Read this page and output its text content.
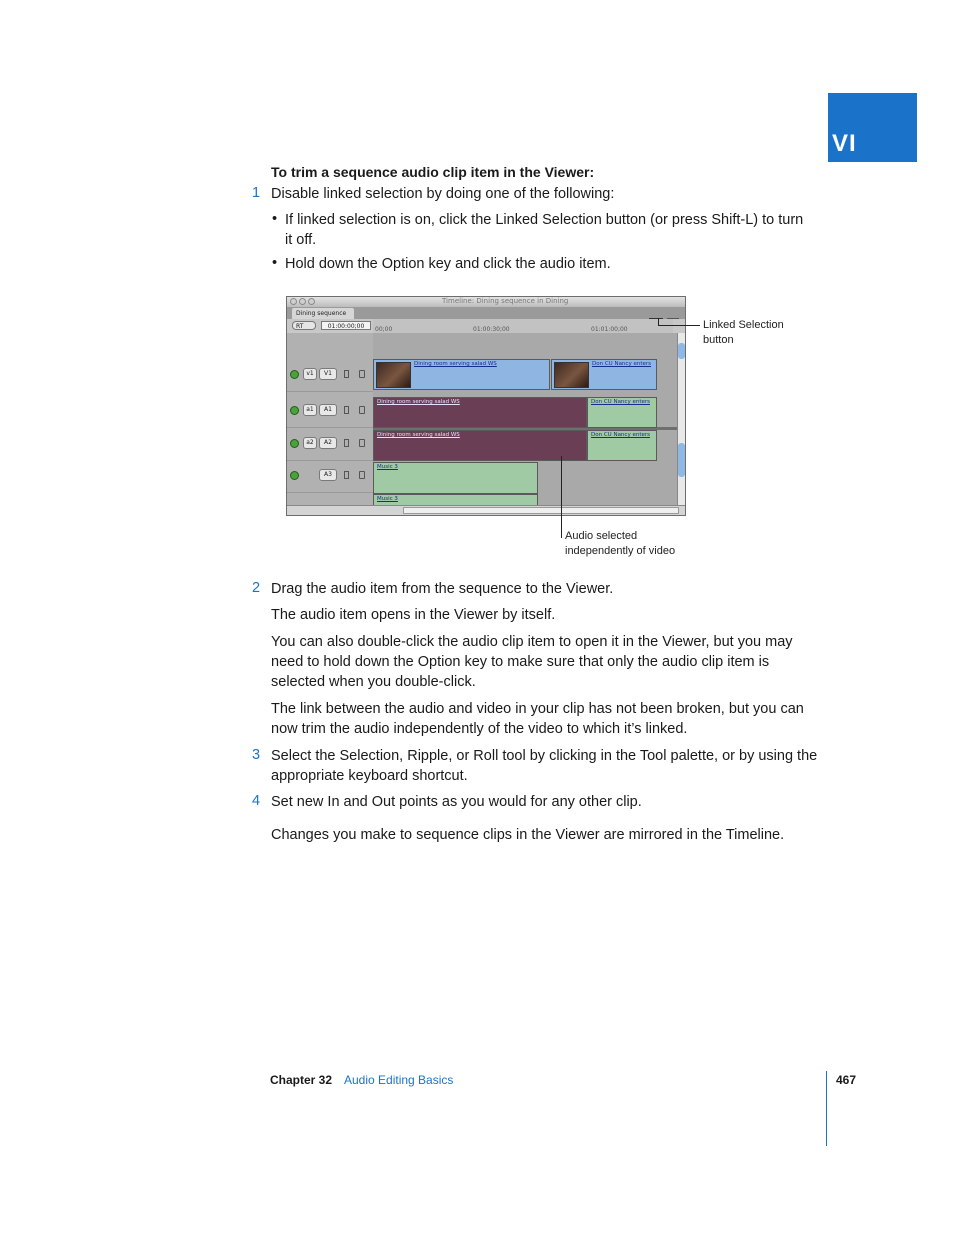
VI
To trim a sequence audio clip item in the Viewer:
1 Disable linked selection by doing one of the following:
• If linked selection is on, click the Linked Selection button (or press Shift-L) to turn
it off.
• Hold down the Option key and click the audio item.
Timeline: Dining sequence in Dining
Dining sequence
RT	01:00:00;00	00;00	01:00:30;00	01:01:00;00
v1	V1
a1	A1
a2	A2
A3
Dining room serving salad WS	Don CU Nancy enters
Dining room serving salad WS	Don CU Nancy enters
Dining room serving salad WS	Don CU Nancy enters
Music 3
Music 3
Linked Selection
button
Audio selected
independently of video
2 Drag the audio item from the sequence to the Viewer.
The audio item opens in the Viewer by itself.
You can also double-click the audio clip item to open it in the Viewer, but you may
need to hold down the Option key to make sure that only the audio clip item is
selected when you double-click.
The link between the audio and video in your clip has not been broken, but you can
now trim the audio independently of the video to which it’s linked.
3 Select the Selection, Ripple, or Roll tool by clicking in the Tool palette, or by using the
appropriate keyboard shortcut.
4 Set new In and Out points as you would for any other clip.
Changes you make to sequence clips in the Viewer are mirrored in the Timeline.
Chapter 32 Audio Editing Basics	467
